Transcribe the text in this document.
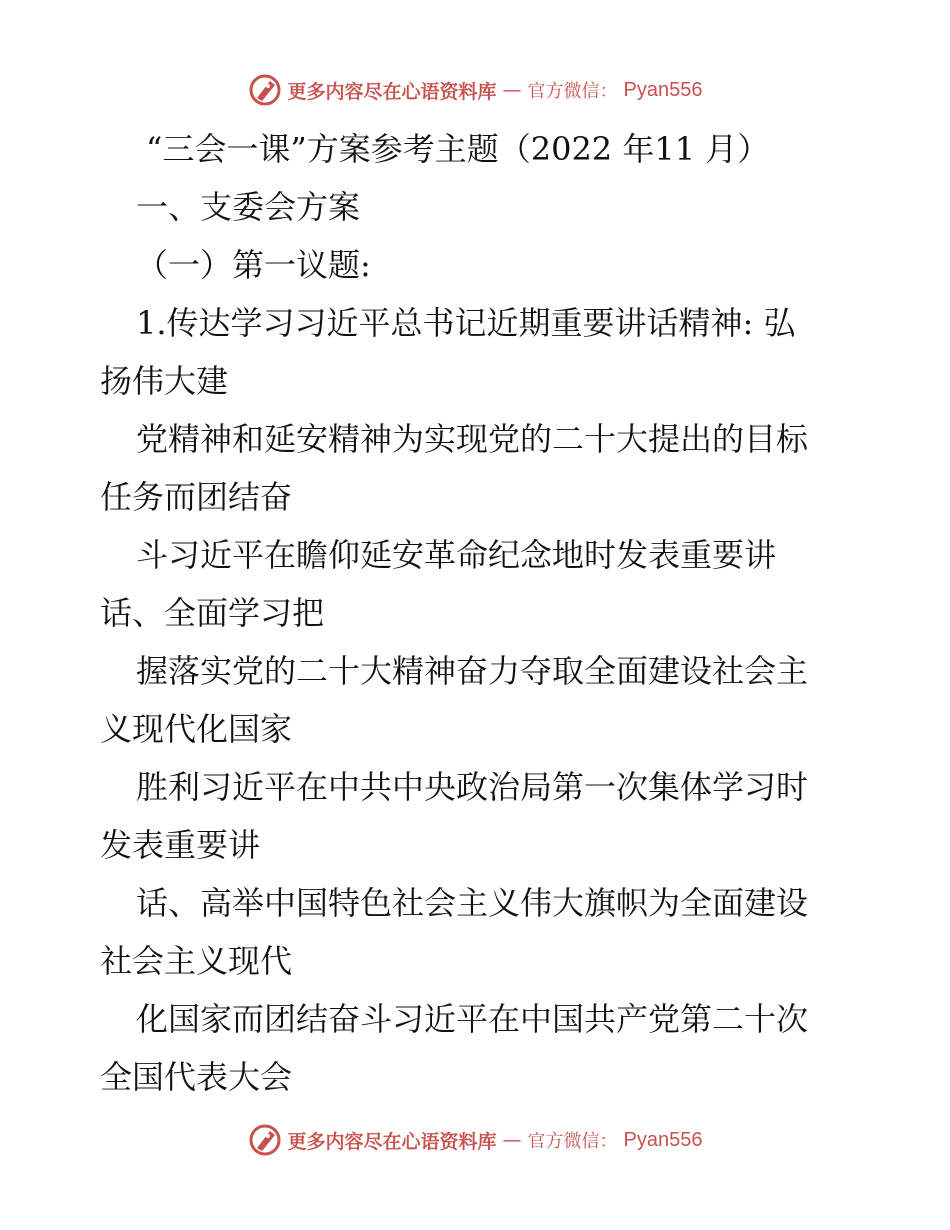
更多内容尽在心语资料库 — 官方微信： Pyan556
“三会一课”方案参考主题（2022 年11 月）
一、支委会方案
（一）第一议题:
1.传达学习习近平总书记近期重要讲话精神: 弘
扬伟大建
党精神和延安精神为实现党的二十大提出的目标
任务而团结奋
斗习近平在瞻仰延安革命纪念地时发表重要讲
话、全面学习把
握落实党的二十大精神奋力夺取全面建设社会主
义现代化国家
胜利习近平在中共中央政治局第一次集体学习时
发表重要讲
话、高举中国特色社会主义伟大旗帜为全面建设
社会主义现代
化国家而团结奋斗习近平在中国共产党第二十次
全国代表大会
更多内容尽在心语资料库 — 官方微信： Pyan556
